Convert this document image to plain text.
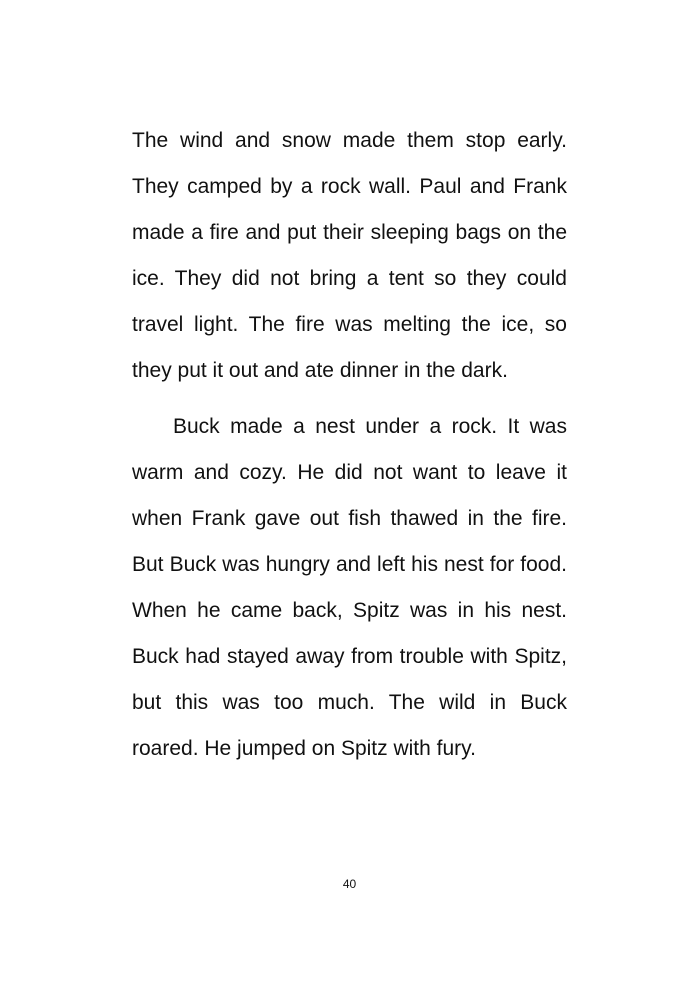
The wind and snow made them stop early. They camped by a rock wall. Paul and Frank made a fire and put their sleeping bags on the ice. They did not bring a tent so they could travel light. The fire was melting the ice, so they put it out and ate dinner in the dark.

Buck made a nest under a rock. It was warm and cozy. He did not want to leave it when Frank gave out fish thawed in the fire. But Buck was hungry and left his nest for food. When he came back, Spitz was in his nest. Buck had stayed away from trouble with Spitz, but this was too much. The wild in Buck roared. He jumped on Spitz with fury.

40
